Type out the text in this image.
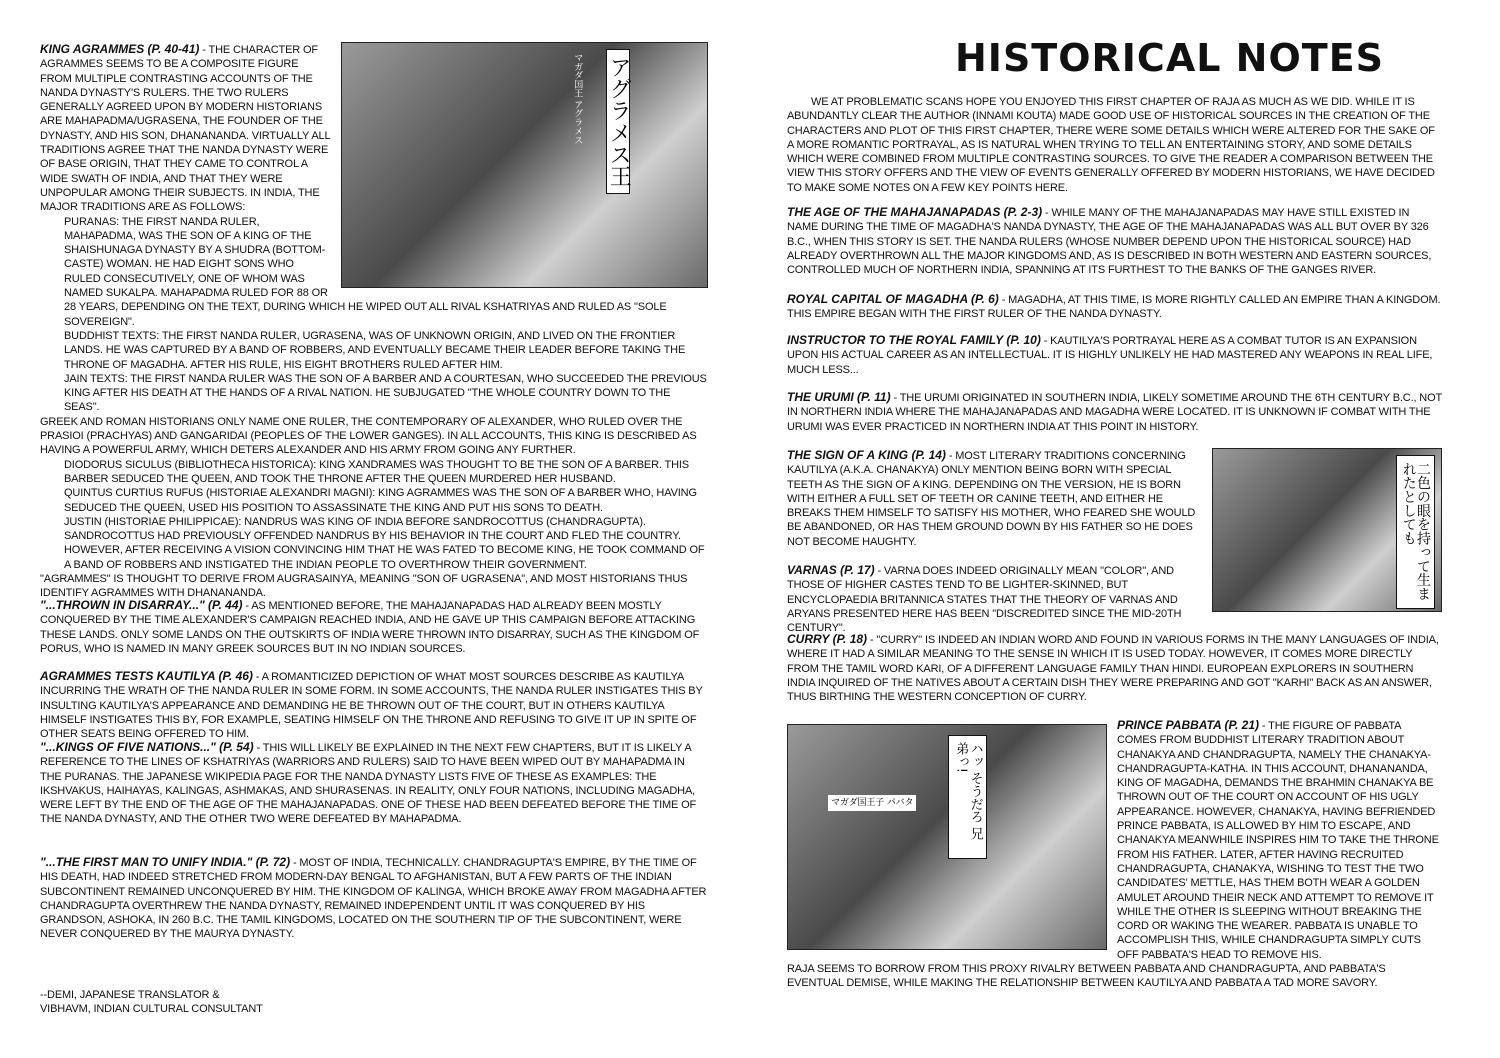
アグラメス王
マガダ国王 アグラメス

KING AGRAMMES (P. 40-41) - THE CHARACTER OF AGRAMMES SEEMS TO BE A COMPOSITE FIGURE FROM MULTIPLE CONTRASTING ACCOUNTS OF THE NANDA DYNASTY'S RULERS. THE TWO RULERS GENERALLY AGREED UPON BY MODERN HISTORIANS ARE MAHAPADMA/UGRASENA, THE FOUNDER OF THE DYNASTY, AND HIS SON, DHANANANDA. VIRTUALLY ALL TRADITIONS AGREE THAT THE NANDA DYNASTY WERE OF BASE ORIGIN, THAT THEY CAME TO CONTROL A WIDE SWATH OF INDIA, AND THAT THEY WERE UNPOPULAR AMONG THEIR SUBJECTS. IN INDIA, THE MAJOR TRADITIONS ARE AS FOLLOWS:

PURANAS: THE FIRST NANDA RULER, MAHAPADMA, WAS THE SON OF A KING OF THE SHAISHUNAGA DYNASTY BY A SHUDRA (BOTTOM-CASTE) WOMAN. HE HAD EIGHT SONS WHO RULED CONSECUTIVELY, ONE OF WHOM WAS NAMED SUKALPA. MAHAPADMA RULED FOR 88 OR 28 YEARS, DEPENDING ON THE TEXT, DURING WHICH HE WIPED OUT ALL RIVAL KSHATRIYAS AND RULED AS "SOLE SOVEREIGN".

BUDDHIST TEXTS: THE FIRST NANDA RULER, UGRASENA, WAS OF UNKNOWN ORIGIN, AND LIVED ON THE FRONTIER LANDS. HE WAS CAPTURED BY A BAND OF ROBBERS, AND EVENTUALLY BECAME THEIR LEADER BEFORE TAKING THE THRONE OF MAGADHA. AFTER HIS RULE, HIS EIGHT BROTHERS RULED AFTER HIM.

JAIN TEXTS: THE FIRST NANDA RULER WAS THE SON OF A BARBER AND A COURTESAN, WHO SUCCEEDED THE PREVIOUS KING AFTER HIS DEATH AT THE HANDS OF A RIVAL NATION. HE SUBJUGATED "THE WHOLE COUNTRY DOWN TO THE SEAS".

GREEK AND ROMAN HISTORIANS ONLY NAME ONE RULER, THE CONTEMPORARY OF ALEXANDER, WHO RULED OVER THE PRASIOI (PRACHYAS) AND GANGARIDAI (PEOPLES OF THE LOWER GANGES). IN ALL ACCOUNTS, THIS KING IS DESCRIBED AS HAVING A POWERFUL ARMY, WHICH DETERS ALEXANDER AND HIS ARMY FROM GOING ANY FURTHER.

DIODORUS SICULUS (BIBLIOTHECA HISTORICA): KING XANDRAMES WAS THOUGHT TO BE THE SON OF A BARBER. THIS BARBER SEDUCED THE QUEEN, AND TOOK THE THRONE AFTER THE QUEEN MURDERED HER HUSBAND.

QUINTUS CURTIUS RUFUS (HISTORIAE ALEXANDRI MAGNI): KING AGRAMMES WAS THE SON OF A BARBER WHO, HAVING SEDUCED THE QUEEN, USED HIS POSITION TO ASSASSINATE THE KING AND PUT HIS SONS TO DEATH.

JUSTIN (HISTORIAE PHILIPPICAE): NANDRUS WAS KING OF INDIA BEFORE SANDROCOTTUS (CHANDRAGUPTA). SANDROCOTTUS HAD PREVIOUSLY OFFENDED NANDRUS BY HIS BEHAVIOR IN THE COURT AND FLED THE COUNTRY. HOWEVER, AFTER RECEIVING A VISION CONVINCING HIM THAT HE WAS FATED TO BECOME KING, HE TOOK COMMAND OF A BAND OF ROBBERS AND INSTIGATED THE INDIAN PEOPLE TO OVERTHROW THEIR GOVERNMENT.

"AGRAMMES" IS THOUGHT TO DERIVE FROM AUGRASAINYA, MEANING "SON OF UGRASENA", AND MOST HISTORIANS THUS IDENTIFY AGRAMMES WITH DHANANANDA.

"...THROWN IN DISARRAY..." (P. 44) - AS MENTIONED BEFORE, THE MAHAJANAPADAS HAD ALREADY BEEN MOSTLY CONQUERED BY THE TIME ALEXANDER'S CAMPAIGN REACHED INDIA, AND HE GAVE UP THIS CAMPAIGN BEFORE ATTACKING THESE LANDS. ONLY SOME LANDS ON THE OUTSKIRTS OF INDIA WERE THROWN INTO DISARRAY, SUCH AS THE KINGDOM OF PORUS, WHO IS NAMED IN MANY GREEK SOURCES BUT IN NO INDIAN SOURCES.
AGRAMMES TESTS KAUTILYA (P. 46) - A ROMANTICIZED DEPICTION OF WHAT MOST SOURCES DESCRIBE AS KAUTILYA INCURRING THE WRATH OF THE NANDA RULER IN SOME FORM. IN SOME ACCOUNTS, THE NANDA RULER INSTIGATES THIS BY INSULTING KAUTILYA'S APPEARANCE AND DEMANDING HE BE THROWN OUT OF THE COURT, BUT IN OTHERS KAUTILYA HIMSELF INSTIGATES THIS BY, FOR EXAMPLE, SEATING HIMSELF ON THE THRONE AND REFUSING TO GIVE IT UP IN SPITE OF OTHER SEATS BEING OFFERED TO HIM.
"...KINGS OF FIVE NATIONS..." (P. 54) - THIS WILL LIKELY BE EXPLAINED IN THE NEXT FEW CHAPTERS, BUT IT IS LIKELY A REFERENCE TO THE LINES OF KSHATRIYAS (WARRIORS AND RULERS) SAID TO HAVE BEEN WIPED OUT BY MAHAPADMA IN THE PURANAS. THE JAPANESE WIKIPEDIA PAGE FOR THE NANDA DYNASTY LISTS FIVE OF THESE AS EXAMPLES: THE IKSHVAKUS, HAIHAYAS, KALINGAS, ASHMAKAS, AND SHURASENAS. IN REALITY, ONLY FOUR NATIONS, INCLUDING MAGADHA, WERE LEFT BY THE END OF THE AGE OF THE MAHAJANAPADAS. ONE OF THESE HAD BEEN DEFEATED BEFORE THE TIME OF THE NANDA DYNASTY, AND THE OTHER TWO WERE DEFEATED BY MAHAPADMA.
"...THE FIRST MAN TO UNIFY INDIA." (P. 72) - MOST OF INDIA, TECHNICALLY. CHANDRAGUPTA'S EMPIRE, BY THE TIME OF HIS DEATH, HAD INDEED STRETCHED FROM MODERN-DAY BENGAL TO AFGHANISTAN, BUT A FEW PARTS OF THE INDIAN SUBCONTINENT REMAINED UNCONQUERED BY HIM. THE KINGDOM OF KALINGA, WHICH BROKE AWAY FROM MAGADHA AFTER CHANDRAGUPTA OVERTHREW THE NANDA DYNASTY, REMAINED INDEPENDENT UNTIL IT WAS CONQUERED BY HIS GRANDSON, ASHOKA, IN 260 B.C. THE TAMIL KINGDOMS, LOCATED ON THE SOUTHERN TIP OF THE SUBCONTINENT, WERE NEVER CONQUERED BY THE MAURYA DYNASTY.

--DEMI, JAPANESE TRANSLATOR &

VIBHAVM, INDIAN CULTURAL CONSULTANT

HISTORICAL NOTES
WE AT PROBLEMATIC SCANS HOPE YOU ENJOYED THIS FIRST CHAPTER OF RAJA AS MUCH AS WE DID. WHILE IT IS ABUNDANTLY CLEAR THE AUTHOR (INNAMI KOUTA) MADE GOOD USE OF HISTORICAL SOURCES IN THE CREATION OF THE CHARACTERS AND PLOT OF THIS FIRST CHAPTER, THERE WERE SOME DETAILS WHICH WERE ALTERED FOR THE SAKE OF A MORE ROMANTIC PORTRAYAL, AS IS NATURAL WHEN TRYING TO TELL AN ENTERTAINING STORY, AND SOME DETAILS WHICH WERE COMBINED FROM MULTIPLE CONTRASTING SOURCES. TO GIVE THE READER A COMPARISON BETWEEN THE VIEW THIS STORY OFFERS AND THE VIEW OF EVENTS GENERALLY OFFERED BY MODERN HISTORIANS, WE HAVE DECIDED TO MAKE SOME NOTES ON A FEW KEY POINTS HERE.
THE AGE OF THE MAHAJANAPADAS (P. 2-3) - WHILE MANY OF THE MAHAJANAPADAS MAY HAVE STILL EXISTED IN NAME DURING THE TIME OF MAGADHA'S NANDA DYNASTY, THE AGE OF THE MAHAJANAPADAS WAS ALL BUT OVER BY 326 B.C., WHEN THIS STORY IS SET. THE NANDA RULERS (WHOSE NUMBER DEPEND UPON THE HISTORICAL SOURCE) HAD ALREADY OVERTHROWN ALL THE MAJOR KINGDOMS AND, AS IS DESCRIBED IN BOTH WESTERN AND EASTERN SOURCES, CONTROLLED MUCH OF NORTHERN INDIA, SPANNING AT ITS FURTHEST TO THE BANKS OF THE GANGES RIVER.
ROYAL CAPITAL OF MAGADHA (P. 6) - MAGADHA, AT THIS TIME, IS MORE RIGHTLY CALLED AN EMPIRE THAN A KINGDOM. THIS EMPIRE BEGAN WITH THE FIRST RULER OF THE NANDA DYNASTY.
INSTRUCTOR TO THE ROYAL FAMILY (P. 10) - KAUTILYA'S PORTRAYAL HERE AS A COMBAT TUTOR IS AN EXPANSION UPON HIS ACTUAL CAREER AS AN INTELLECTUAL. IT IS HIGHLY UNLIKELY HE HAD MASTERED ANY WEAPONS IN REAL LIFE, MUCH LESS...
THE URUMI (P. 11) - THE URUMI ORIGINATED IN SOUTHERN INDIA, LIKELY SOMETIME AROUND THE 6TH CENTURY B.C., NOT IN NORTHERN INDIA WHERE THE MAHAJANAPADAS AND MAGADHA WERE LOCATED. IT IS UNKNOWN IF COMBAT WITH THE URUMI WAS EVER PRACTICED IN NORTHERN INDIA AT THIS POINT IN HISTORY.
二色の眼を持って生まれたとしても
THE SIGN OF A KING (P. 14) - MOST LITERARY TRADITIONS CONCERNING KAUTILYA (A.K.A. CHANAKYA) ONLY MENTION BEING BORN WITH SPECIAL TEETH AS THE SIGN OF A KING. DEPENDING ON THE VERSION, HE IS BORN WITH EITHER A FULL SET OF TEETH OR CANINE TEETH, AND EITHER HE BREAKS THEM HIMSELF TO SATISFY HIS MOTHER, WHO FEARED SHE WOULD BE ABANDONED, OR HAS THEM GROUND DOWN BY HIS FATHER SO HE DOES NOT BECOME HAUGHTY.
VARNAS (P. 17) - VARNA DOES INDEED ORIGINALLY MEAN "COLOR", AND THOSE OF HIGHER CASTES TEND TO BE LIGHTER-SKINNED, BUT ENCYCLOPAEDIA BRITANNICA STATES THAT THE THEORY OF VARNAS AND ARYANS PRESENTED HERE HAS BEEN "DISCREDITED SINCE THE MID-20TH CENTURY".
CURRY (P. 18) - "CURRY" IS INDEED AN INDIAN WORD AND FOUND IN VARIOUS FORMS IN THE MANY LANGUAGES OF INDIA, WHERE IT HAD A SIMILAR MEANING TO THE SENSE IN WHICH IT IS USED TODAY. HOWEVER, IT COMES MORE DIRECTLY FROM THE TAMIL WORD KARI, OF A DIFFERENT LANGUAGE FAMILY THAN HINDI. EUROPEAN EXPLORERS IN SOUTHERN INDIA INQUIRED OF THE NATIVES ABOUT A CERTAIN DISH THEY WERE PREPARING AND GOT "KARHI" BACK AS AN ANSWER, THUS BIRTHING THE WESTERN CONCEPTION OF CURRY.
ハッ そうだろ 兄弟っ!
マガダ国王子 パバタ
PRINCE PABBATA (P. 21) - THE FIGURE OF PABBATA COMES FROM BUDDHIST LITERARY TRADITION ABOUT CHANAKYA AND CHANDRAGUPTA, NAMELY THE CHANAKYA-CHANDRAGUPTA-KATHA. IN THIS ACCOUNT, DHANANANDA, KING OF MAGADHA, DEMANDS THE BRAHMIN CHANAKYA BE THROWN OUT OF THE COURT ON ACCOUNT OF HIS UGLY APPEARANCE. HOWEVER, CHANAKYA, HAVING BEFRIENDED PRINCE PABBATA, IS ALLOWED BY HIM TO ESCAPE, AND CHANAKYA MEANWHILE INSPIRES HIM TO TAKE THE THRONE FROM HIS FATHER. LATER, AFTER HAVING RECRUITED CHANDRAGUPTA, CHANAKYA, WISHING TO TEST THE TWO CANDIDATES' METTLE, HAS THEM BOTH WEAR A GOLDEN AMULET AROUND THEIR NECK AND ATTEMPT TO REMOVE IT WHILE THE OTHER IS SLEEPING WITHOUT BREAKING THE CORD OR WAKING THE WEARER. PABBATA IS UNABLE TO ACCOMPLISH THIS, WHILE CHANDRAGUPTA SIMPLY CUTS OFF PABBATA'S HEAD TO REMOVE HIS.

RAJA SEEMS TO BORROW FROM THIS PROXY RIVALRY BETWEEN PABBATA AND CHANDRAGUPTA, AND PABBATA'S EVENTUAL DEMISE, WHILE MAKING THE RELATIONSHIP BETWEEN KAUTILYA AND PABBATA A TAD MORE SAVORY.
